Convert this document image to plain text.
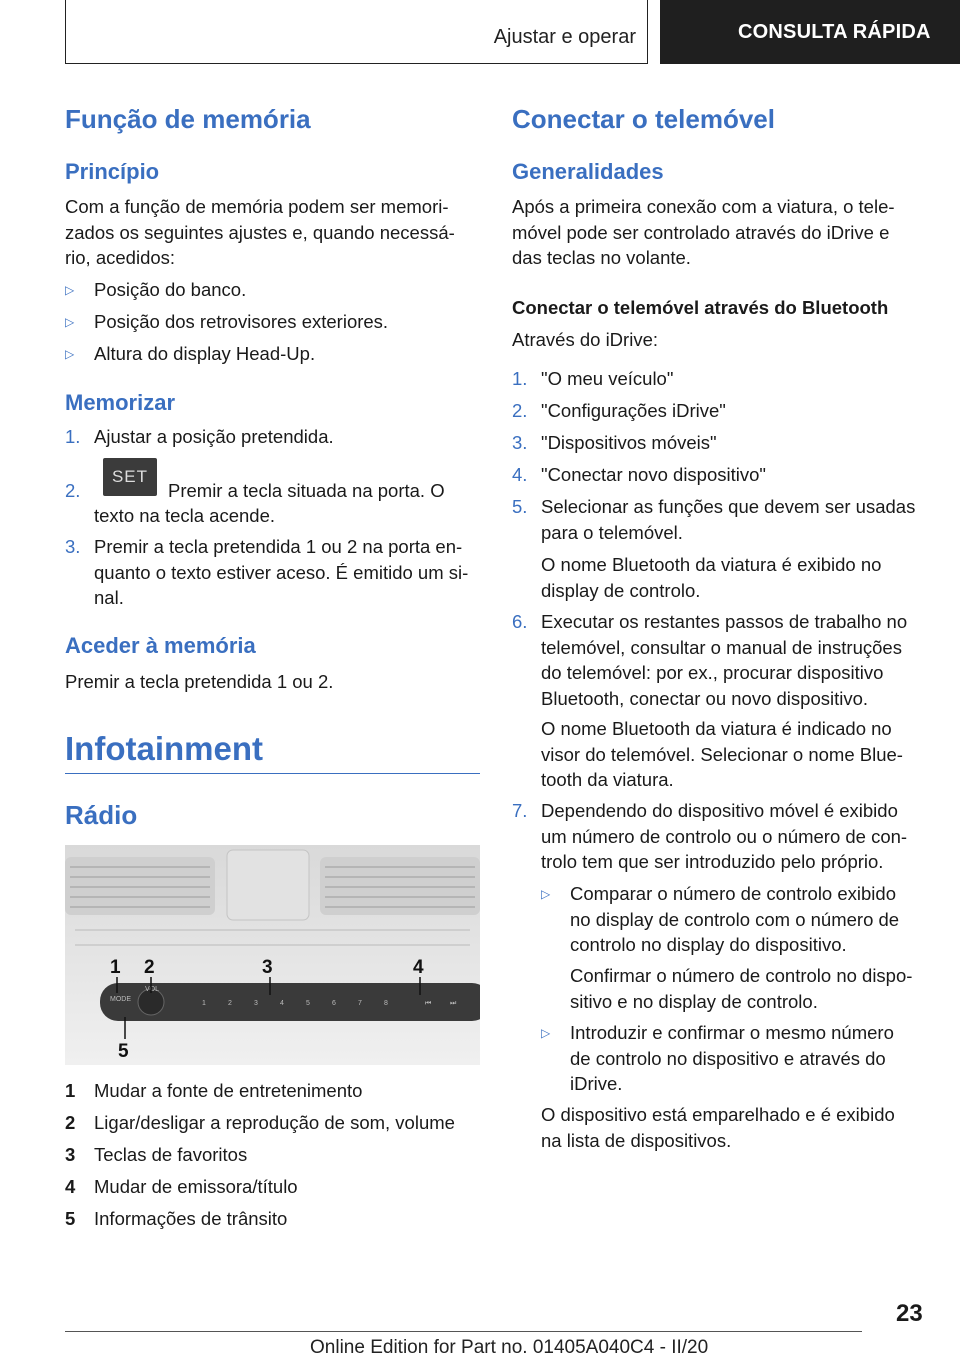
Ajustar e operar	CONSULTA RÁPIDA
Função de memória
Princípio
Com a função de memória podem ser memori‐
zados os seguintes ajustes e, quando necessá‐
rio, acedidos:
▷ Posição do banco.
▷ Posição dos retrovisores exteriores.
▷ Altura do display Head-Up.
Memorizar
1. Ajustar a posição pretendida.
2.
SET
Premir a tecla situada na porta. O
texto na tecla acende.
3. Premir a tecla pretendida 1 ou 2 na porta en‐
quanto o texto estiver aceso. É emitido um si‐
nal.
Aceder à memória
Premir a tecla pretendida 1 ou 2.
Infotainment
Rádio
MODE
VOL
1	2	3	4	5	6	7	8	⏮	⏭
1 2	3	4
5
1 Mudar a fonte de entretenimento
2 Ligar/desligar a reprodução de som, volume
3 Teclas de favoritos
4 Mudar de emissora/título
5 Informações de trânsito
Conectar o telemóvel
Generalidades
Após a primeira conexão com a viatura, o tele‐
móvel pode ser controlado através do iDrive e
das teclas no volante.
Conectar o telemóvel através do Bluetooth
Através do iDrive:
1. "O meu veículo"
2. "Configurações iDrive"
3. "Dispositivos móveis"
4. "Conectar novo dispositivo"
5. Selecionar as funções que devem ser usadas
para o telemóvel.
O nome Bluetooth da viatura é exibido no
display de controlo.
6. Executar os restantes passos de trabalho no
telemóvel, consultar o manual de instruções
do telemóvel: por ex., procurar dispositivo
Bluetooth, conectar ou novo dispositivo.
O nome Bluetooth da viatura é indicado no
visor do telemóvel. Selecionar o nome Blue‐
tooth da viatura.
7. Dependendo do dispositivo móvel é exibido
um número de controlo ou o número de con‐
trolo tem que ser introduzido pelo próprio.
▷ Comparar o número de controlo exibido
no display de controlo com o número de
controlo no display do dispositivo.
Confirmar o número de controlo no dispo‐
sitivo e no display de controlo.
▷ Introduzir e confirmar o mesmo número
de controlo no dispositivo e através do
iDrive.
O dispositivo está emparelhado e é exibido
na lista de dispositivos.
23
Online Edition for Part no. 01405A040C4 - II/20
